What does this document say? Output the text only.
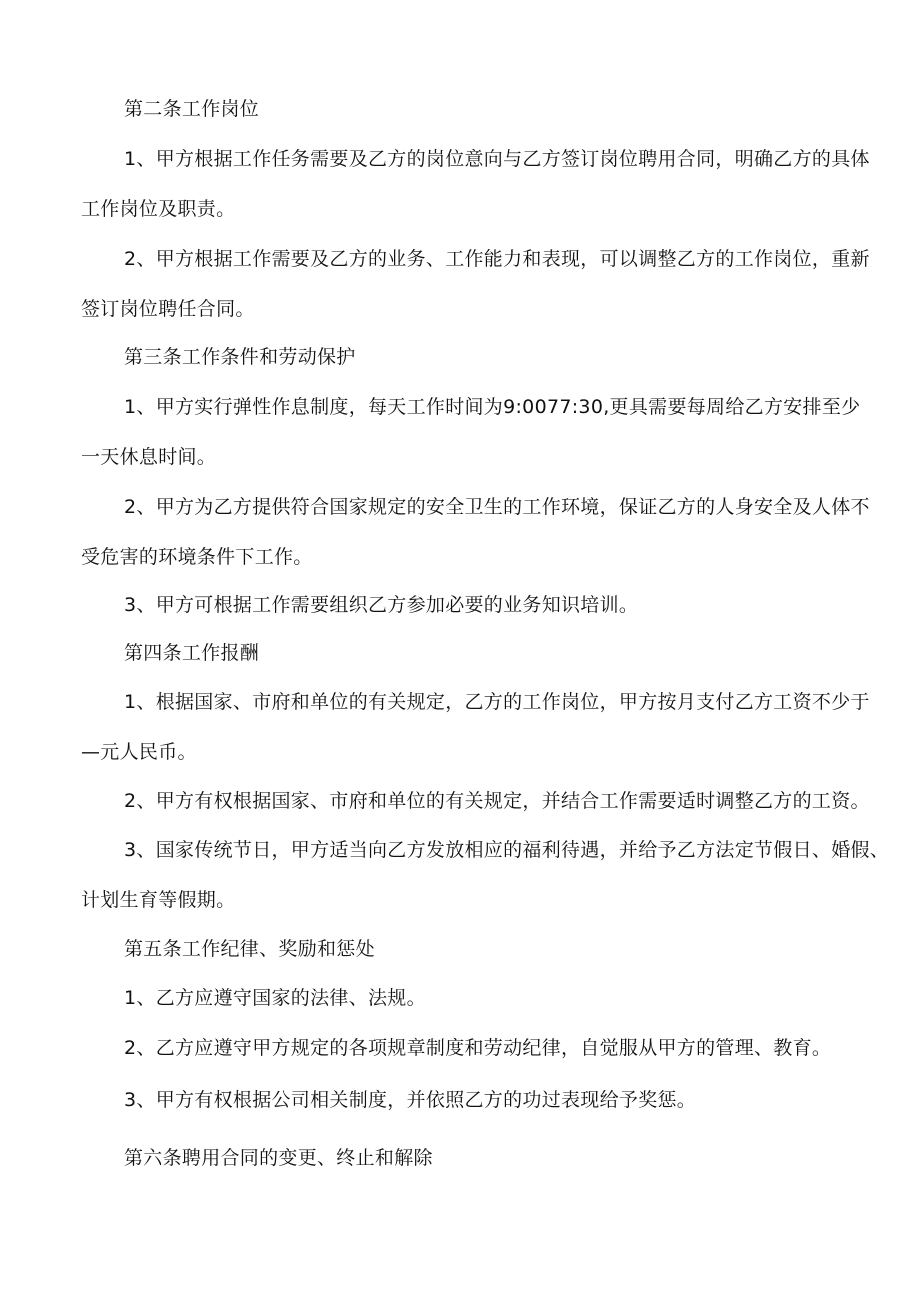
第二条工作岗位
1、甲方根据工作任务需要及乙方的岗位意向与乙方签订岗位聘用合同，明确乙方的具体
工作岗位及职责。
2、甲方根据工作需要及乙方的业务、工作能力和表现，可以调整乙方的工作岗位，重新
签订岗位聘任合同。
第三条工作条件和劳动保护
1、甲方实行弹性作息制度，每天工作时间为9:0077:30,更具需要每周给乙方安排至少
一天休息时间。
2、甲方为乙方提供符合国家规定的安全卫生的工作环境，保证乙方的人身安全及人体不
受危害的环境条件下工作。
3、甲方可根据工作需要组织乙方参加必要的业务知识培训。
第四条工作报酬
1、根据国家、市府和单位的有关规定，乙方的工作岗位，甲方按月支付乙方工资不少于
—元人民币。
2、甲方有权根据国家、市府和单位的有关规定，并结合工作需要适时调整乙方的工资。
3、国家传统节日，甲方适当向乙方发放相应的福利待遇，并给予乙方法定节假日、婚假、
计划生育等假期。
第五条工作纪律、奖励和惩处
1、乙方应遵守国家的法律、法规。
2、乙方应遵守甲方规定的各项规章制度和劳动纪律，自觉服从甲方的管理、教育。
3、甲方有权根据公司相关制度，并依照乙方的功过表现给予奖惩。
第六条聘用合同的变更、终止和解除
